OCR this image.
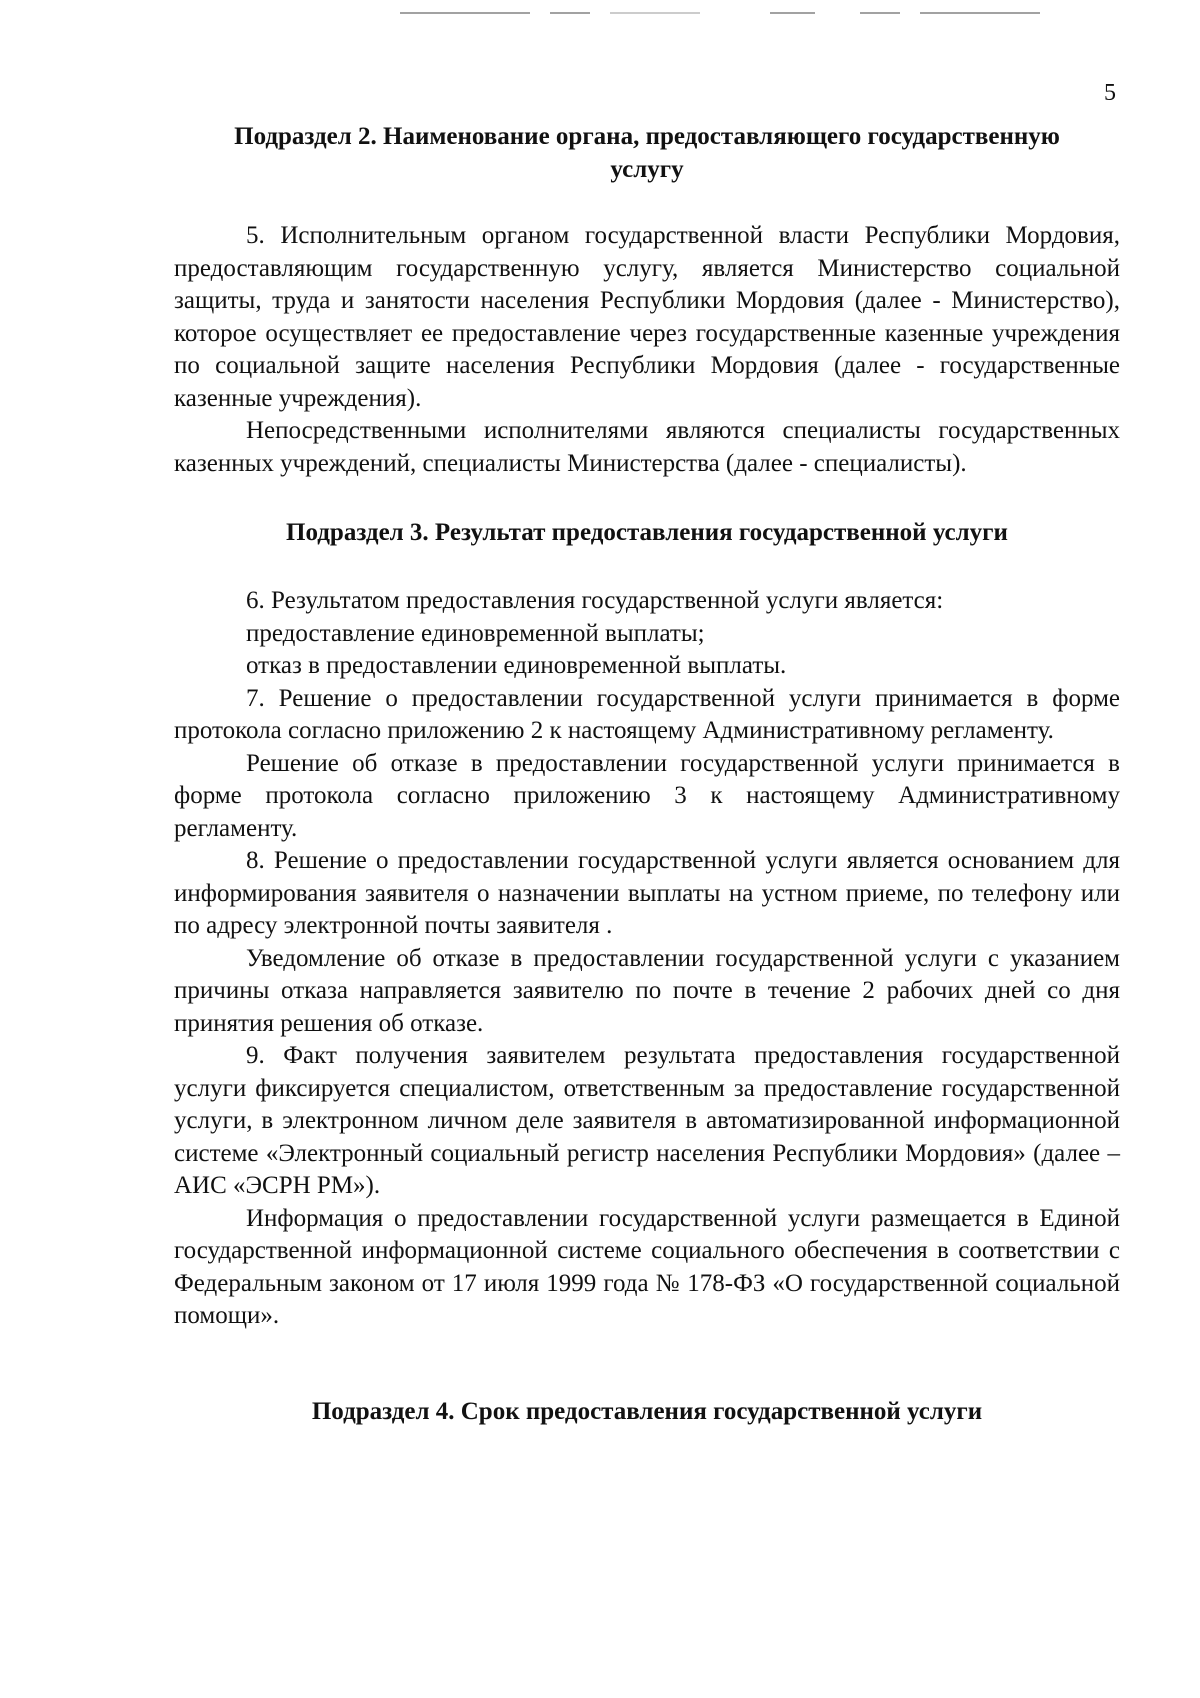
5

Подраздел 2. Наименование органа, предоставляющего государственную услугу

5. Исполнительным органом государственной власти Республики Мордовия, предоставляющим государственную услугу, является Министерство социальной защиты, труда и занятости населения Республики Мордовия (далее - Министерство), которое осуществляет ее предоставление через государственные казенные учреждения по социальной защите населения Республики Мордовия (далее - государственные казенные учреждения).

Непосредственными исполнителями являются специалисты государственных казенных учреждений, специалисты Министерства (далее - специалисты).

Подраздел 3. Результат предоставления государственной услуги

6. Результатом предоставления государственной услуги является:

предоставление единовременной выплаты;

отказ в предоставлении единовременной выплаты.

7. Решение о предоставлении государственной услуги принимается в форме протокола согласно приложению 2 к настоящему Административному регламенту.

Решение об отказе в предоставлении государственной услуги принимается в форме протокола согласно приложению 3 к настоящему Административному регламенту.

8. Решение о предоставлении государственной услуги является основанием для информирования заявителя о назначении выплаты на устном приеме, по телефону или по адресу электронной почты заявителя .

Уведомление об отказе в предоставлении государственной услуги с указанием причины отказа направляется заявителю по почте в течение 2 рабочих дней со дня принятия решения об отказе.

9. Факт получения заявителем результата предоставления государственной услуги фиксируется специалистом, ответственным за предоставление государственной услуги, в электронном личном деле заявителя в автоматизированной информационной системе «Электронный социальный регистр населения Республики Мордовия» (далее – АИС «ЭСРН РМ»).

Информация о предоставлении государственной услуги размещается в Единой государственной информационной системе социального обеспечения в соответствии с Федеральным законом от 17 июля 1999 года № 178-ФЗ «О государственной социальной помощи».

Подраздел 4. Срок предоставления государственной услуги
